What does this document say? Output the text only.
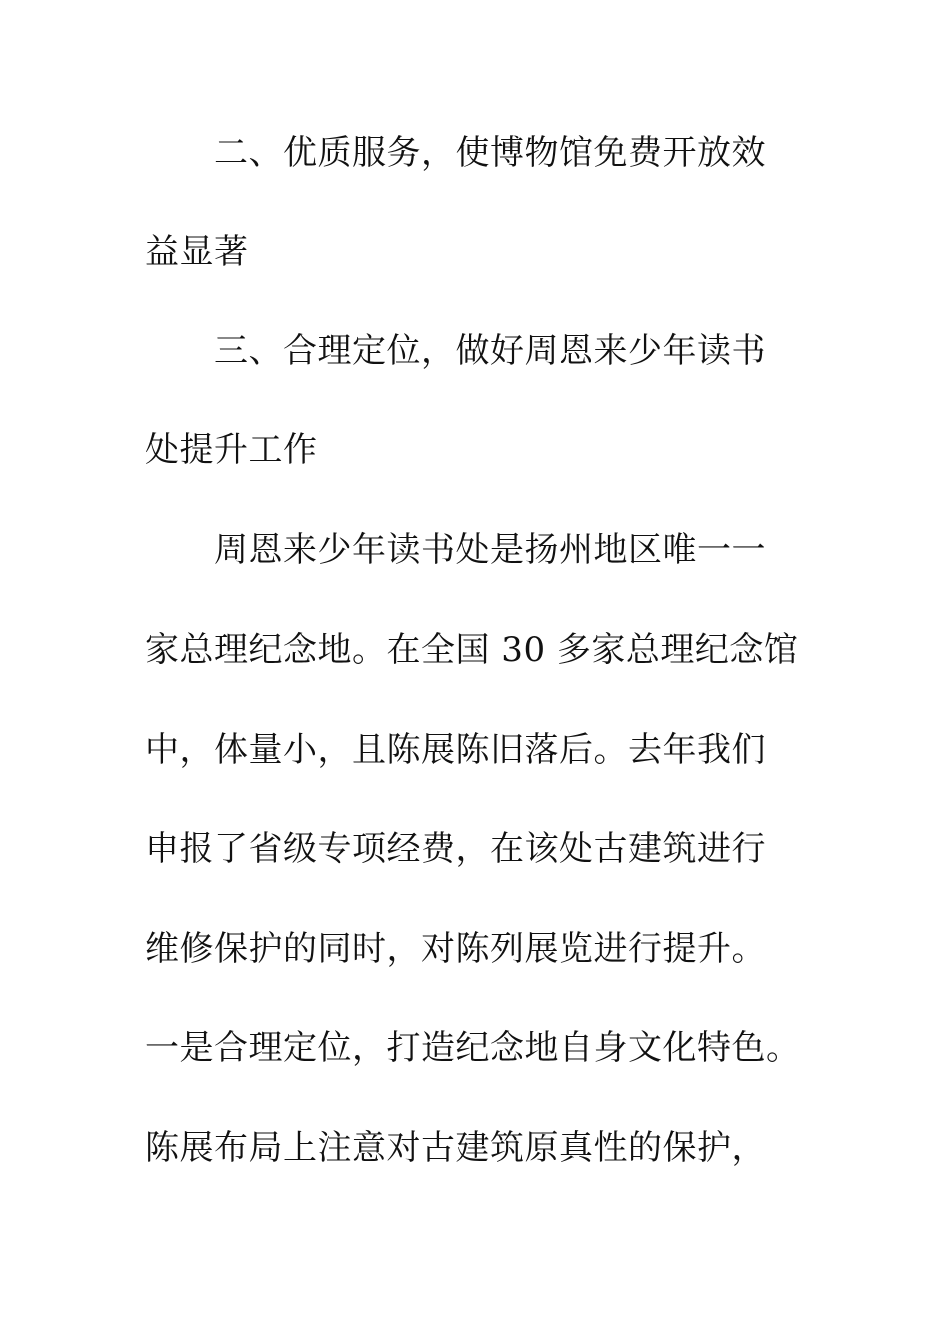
二、优质服务，使博物馆免费开放效
益显著
三、合理定位，做好周恩来少年读书
处提升工作
周恩来少年读书处是扬州地区唯一一
家总理纪念地。在全国 30 多家总理纪念馆
中，体量小，且陈展陈旧落后。去年我们
申报了省级专项经费，在该处古建筑进行
维修保护的同时，对陈列展览进行提升。
一是合理定位，打造纪念地自身文化特色。
陈展布局上注意对古建筑原真性的保护，
